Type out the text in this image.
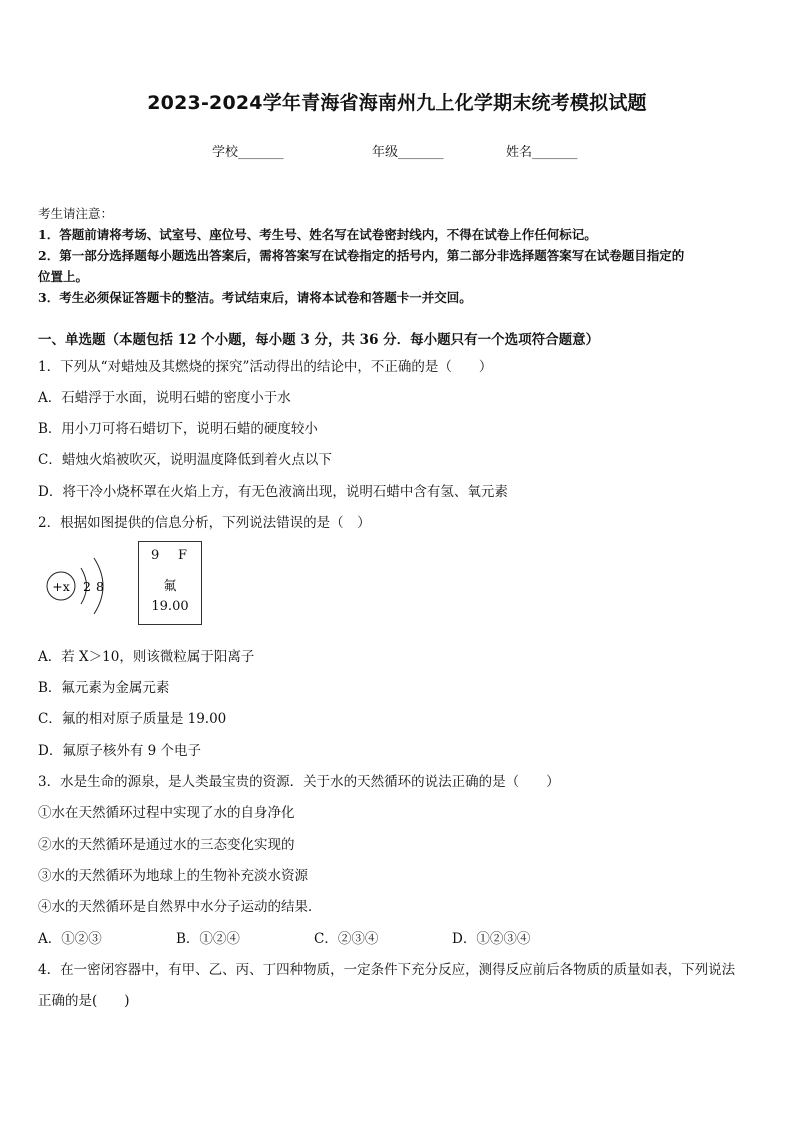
2023-2024学年青海省海南州九上化学期末统考模拟试题
学校_______	年级_______	姓名_______
考生请注意：
1．答题前请将考场、试室号、座位号、考生号、姓名写在试卷密封线内，不得在试卷上作任何标记。
2．第一部分选择题每小题选出答案后，需将答案写在试卷指定的括号内，第二部分非选择题答案写在试卷题目指定的
位置上。
3．考生必须保证答题卡的整洁。考试结束后，请将本试卷和答题卡一并交回。
一、单选题（本题包括 12 个小题，每小题 3 分，共 36 分．每小题只有一个选项符合题意）
1．下列从“对蜡烛及其燃烧的探究”活动得出的结论中，不正确的是（　　）
A．石蜡浮于水面，说明石蜡的密度小于水
B．用小刀可将石蜡切下，说明石蜡的硬度较小
C．蜡烛火焰被吹灭，说明温度降低到着火点以下
D．将干冷小烧杯罩在火焰上方，有无色液滴出现，说明石蜡中含有氢、氧元素
2．根据如图提供的信息分析，下列说法错误的是（　）
+x 2 8
9 F
氟
19.00
A．若 X＞10，则该微粒属于阳离子
B．氟元素为金属元素
C．氟的相对原子质量是 19.00
D．氟原子核外有 9 个电子
3．水是生命的源泉，是人类最宝贵的资源．关于水的天然循环的说法正确的是（　　）
①水在天然循环过程中实现了水的自身净化
②水的天然循环是通过水的三态变化实现的
③水的天然循环为地球上的生物补充淡水资源
④水的天然循环是自然界中水分子运动的结果．
A．①②③	B．①②④	C．②③④	D．①②③④
4．在一密闭容器中，有甲、乙、丙、丁四种物质，一定条件下充分反应，测得反应前后各物质的质量如表，下列说法
正确的是(　　)
